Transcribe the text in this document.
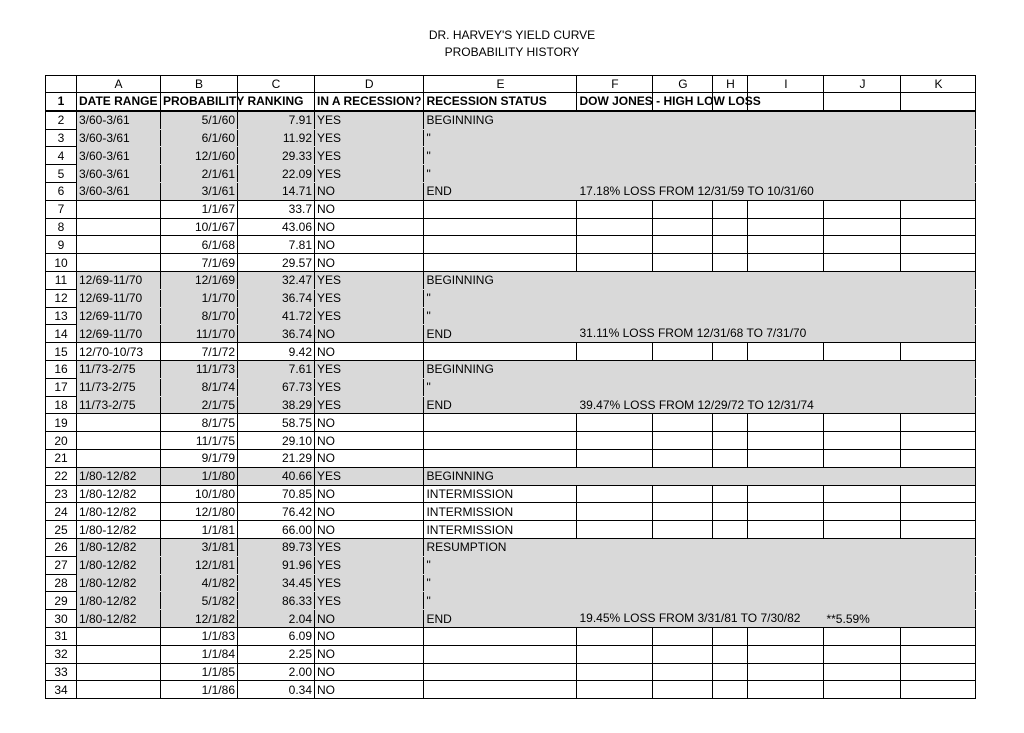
DR. HARVEY'S YIELD CURVE
PROBABILITY HISTORY
	A	B	C	D	E	F	G	H	I	J	K
1	DATE RANGE	PROBABILITY RANKING		IN A RECESSION?	RECESSION STATUS	DOW JONES - HIGH LOW LOSS					

2	3/60-3/61	5/1/60	7.91	YES	BEGINNING	

3	3/60-3/61	6/1/60	11.92	YES	"	

4	3/60-3/61	12/1/60	29.33	YES	"	

5	3/60-3/61	2/1/61	22.09	YES	"	

6	3/60-3/61	3/1/61	14.71	NO	END	17.18% LOSS FROM 12/31/59 TO 10/31/60					

7		1/1/67	33.7	NO		

8		10/1/67	43.06	NO		

9		6/1/68	7.81	NO		

10		7/1/69	29.57	NO		

11	12/69-11/70	12/1/69	32.47	YES	BEGINNING	

12	12/69-11/70	1/1/70	36.74	YES	"	

13	12/69-11/70	8/1/70	41.72	YES	"	

14	12/69-11/70	11/1/70	36.74	NO	END	31.11% LOSS FROM 12/31/68 TO 7/31/70					

15	12/70-10/73	7/1/72	9.42	NO		

16	11/73-2/75	11/1/73	7.61	YES	BEGINNING	

17	11/73-2/75	8/1/74	67.73	YES	"	

18	11/73-2/75	2/1/75	38.29	YES	END	39.47% LOSS FROM 12/29/72 TO 12/31/74					

19		8/1/75	58.75	NO		

20		11/1/75	29.10	NO		

21		9/1/79	21.29	NO		

22	1/80-12/82	1/1/80	40.66	YES	BEGINNING	

23	1/80-12/82	10/1/80	70.85	NO	INTERMISSION	

24	1/80-12/82	12/1/80	76.42	NO	INTERMISSION	

25	1/80-12/82	1/1/81	66.00	NO	INTERMISSION	

26	1/80-12/82	3/1/81	89.73	YES	RESUMPTION	

27	1/80-12/82	12/1/81	91.96	YES	"	

28	1/80-12/82	4/1/82	34.45	YES	"	

29	1/80-12/82	5/1/82	86.33	YES	"	

30	1/80-12/82	12/1/82	2.04	NO	END	19.45% LOSS FROM 3/31/81 TO 7/30/82				**5.59%	
31		1/1/83	6.09	NO		

32		1/1/84	2.25	NO		

33		1/1/85	2.00	NO		

34		1/1/86	0.34	NO		
